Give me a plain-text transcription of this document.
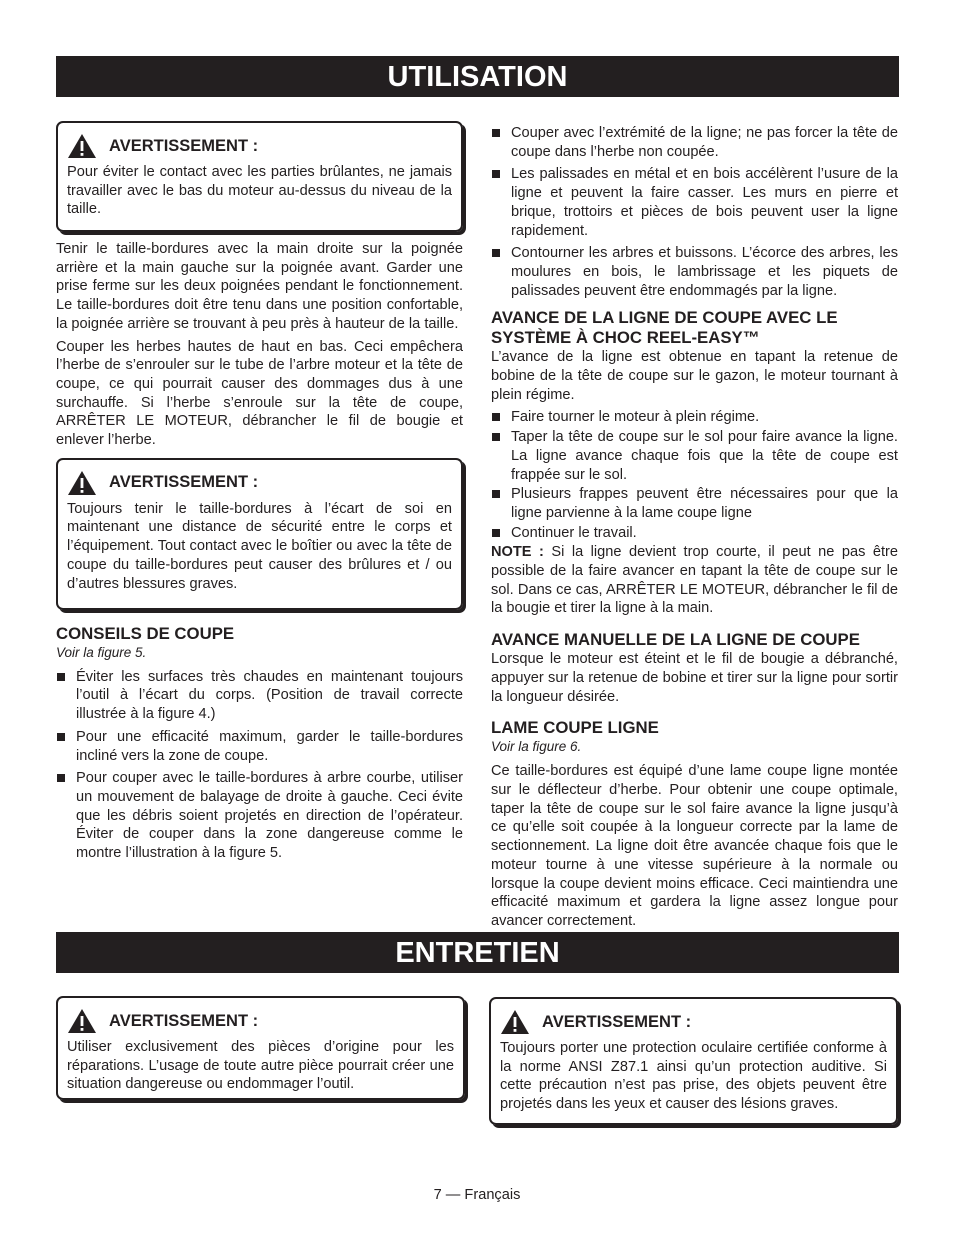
UTILISATION
AVERTISSEMENT :
Pour éviter le contact avec les parties brûlantes, ne jamais travailler avec le bas du moteur au-dessus du niveau de la taille.

Tenir le taille-bordures avec la main droite sur la poignée arrière et la main gauche sur la poignée avant. Garder une prise ferme sur les deux poignées pendant le fonctionnement. Le taille-bordures doit être tenu dans une position confortable, la poignée arrière se trouvant à peu près à hauteur de la taille.

Couper les herbes hautes de haut en bas. Ceci empêchera l’herbe de s’enrouler sur le tube de l’arbre moteur et la tête de coupe, ce qui pourrait causer des dommages dus à une surchauffe. Si l’herbe s’enroule sur la tête de coupe, ARRÊTER LE MOTEUR, débrancher le fil de bougie et enlever l’herbe.

AVERTISSEMENT :
Toujours tenir le taille-bordures à l’écart de soi en maintenant une distance de sécurité entre le corps et l’équipement. Tout contact avec le boîtier ou avec la tête de coupe du taille-bordures peut causer des brûlures et / ou d’autres blessures graves.
CONSEILS DE COUPE
Voir la figure 5.
Éviter les surfaces très chaudes en maintenant toujours l’outil à l’écart du corps. (Position de travail correcte illustrée à la figure 4.)
Pour une efficacité maximum, garder le taille-bordures incliné vers la zone de coupe.
Pour couper avec le taille-bordures à arbre courbe, utiliser un mouvement de balayage de droite à gauche. Ceci évite que les débris soient projetés en direction de l’opérateur. Éviter de couper dans la zone dangereuse comme le montre l’illustration à la figure 5.
Couper avec l’extrémité de la ligne; ne pas forcer la tête de coupe dans l’herbe non coupée.
Les palissades en métal et en bois accélèrent l’usure de la ligne et peuvent la faire casser. Les murs en pierre et brique, trottoirs et pièces de bois peuvent user la ligne rapidement.
Contourner les arbres et buissons. L’écorce des arbres, les moulures en bois, le lambrissage et les piquets de palissades peuvent être endommagés par la ligne.
AVANCE DE LA LIGNE DE COUPE AVEC LE SYSTÈME À CHOC REEL-EASY™

L’avance de la ligne est obtenue en tapant la retenue de bobine de la tête de coupe sur le gazon, le moteur tournant à plein régime.

Faire tourner le moteur à plein régime.
Taper la tête de coupe sur le sol pour faire avance la ligne. La ligne avance chaque fois que la tête de coupe est frappée sur le sol.
Plusieurs frappes peuvent être nécessaires pour que la ligne parvienne à la lame coupe ligne
Continuer le travail.

NOTE : Si la ligne devient trop courte, il peut ne pas être possible de la faire avancer en tapant la tête de coupe sur le sol. Dans ce cas, ARRÊTER LE MOTEUR, débrancher le fil de la bougie et tirer la ligne à la main.

AVANCE MANUELLE DE LA LIGNE DE COUPE

Lorsque le moteur est éteint et le fil de bougie a débranché, appuyer sur la retenue de bobine et tirer sur la ligne pour sortir la longueur désirée.

LAME COUPE LIGNE
Voir la figure 6.

Ce taille-bordures est équipé d’une lame coupe ligne montée sur le déflecteur d’herbe. Pour obtenir une coupe optimale, taper la tête de coupe sur le sol faire avance la ligne jusqu’à ce qu’elle soit coupée à la longueur correcte par la lame de sectionnement. La ligne doit être avancée chaque fois que le moteur tourne à une vitesse supérieure à la normale ou lorsque la coupe devient moins efficace. Ceci maintiendra une efficacité maximum et gardera la ligne assez longue pour avancer correctement.

ENTRETIEN
AVERTISSEMENT :
Utiliser exclusivement des pièces d’origine pour les réparations. L’usage de toute autre pièce pourrait créer une situation dangereuse ou endommager l’outil.
AVERTISSEMENT :
Toujours porter une protection oculaire certifiée conforme à la norme ANSI Z87.1 ainsi qu’un protection auditive. Si cette précaution n’est pas prise, des objets peuvent être projetés dans les yeux et causer des lésions graves.
7 — Français
